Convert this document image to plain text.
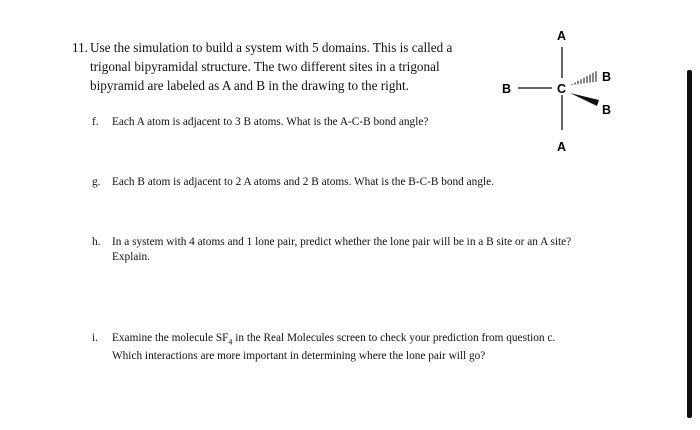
11. Use the simulation to build a system with 5 domains. This is called a
trigonal bipyramidal structure. The two different sites in a trigonal
bipyramid are labeled as A and B in the drawing to the right.
A
A
B	C
B
B
f. Each A atom is adjacent to 3 B atoms. What is the A-C-B bond angle?
g. Each B atom is adjacent to 2 A atoms and 2 B atoms. What is the B-C-B bond angle.
h. In a system with 4 atoms and 1 lone pair, predict whether the lone pair will be in a B site or an A site?
Explain.
i. Examine the molecule $SF_4$ in the Real Molecules screen to check your prediction from question c.
Which interactions are more important in determining where the lone pair will go?
